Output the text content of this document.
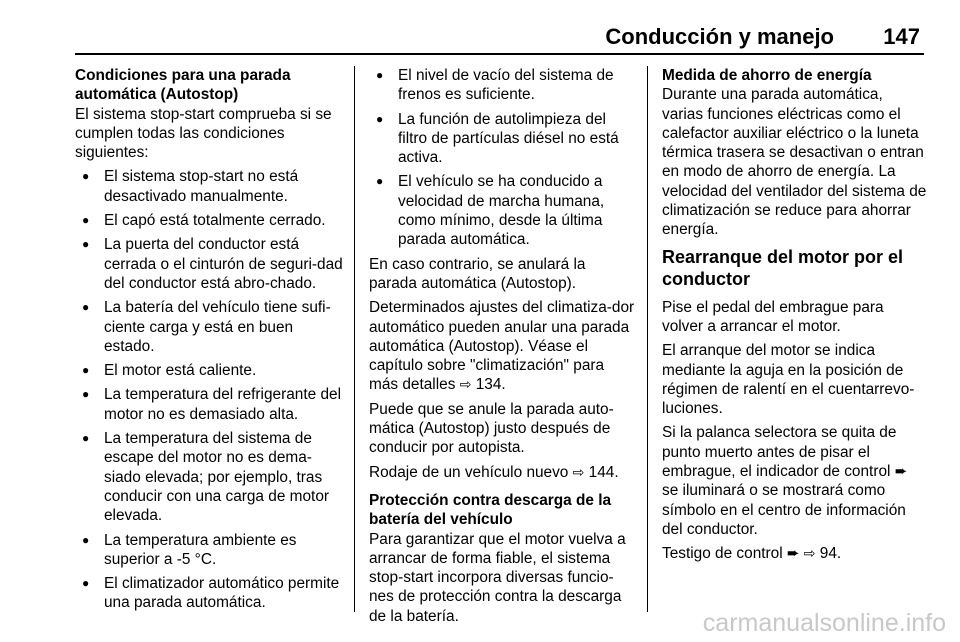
Conducción y manejo 147
Condiciones para una parada automática (Autostop)

El sistema stop-start comprueba si se cumplen todas las condiciones siguientes:

● El sistema stop-start no está desactivado manualmente.
● El capó está totalmente cerrado.
● La puerta del conductor está cerrada o el cinturón de seguri-dad del conductor está abro-chado.
● La batería del vehículo tiene sufi-ciente carga y está en buen estado.
● El motor está caliente.
● La temperatura del refrigerante del motor no es demasiado alta.
● La temperatura del sistema de escape del motor no es dema-siado elevada; por ejemplo, tras conducir con una carga de motor elevada.
● La temperatura ambiente es superior a -5 °C.
● El climatizador automático permite una parada automática.
● El nivel de vacío del sistema de frenos es suficiente.
● La función de autolimpieza del filtro de partículas diésel no está activa.
● El vehículo se ha conducido a velocidad de marcha humana, como mínimo, desde la última parada automática.

En caso contrario, se anulará la parada automática (Autostop).

Determinados ajustes del climatiza-dor automático pueden anular una parada automática (Autostop). Véase el capítulo sobre "climatización" para más detalles ⇨ 134.

Puede que se anule la parada auto-mática (Autostop) justo después de conducir por autopista.

Rodaje de un vehículo nuevo ⇨ 144.

Protección contra descarga de la batería del vehículo

Para garantizar que el motor vuelva a arrancar de forma fiable, el sistema stop-start incorpora diversas funcio-nes de protección contra la descarga de la batería.

Medida de ahorro de energía

Durante una parada automática, varias funciones eléctricas como el calefactor auxiliar eléctrico o la luneta térmica trasera se desactivan o entran en modo de ahorro de energía. La velocidad del ventilador del sistema de climatización se reduce para ahorrar energía.

Rearranque del motor por el conductor

Pise el pedal del embrague para volver a arrancar el motor.

El arranque del motor se indica mediante la aguja en la posición de régimen de ralentí en el cuentarrevo-luciones.

Si la palanca selectora se quita de punto muerto antes de pisar el embrague, el indicador de control ➨ se iluminará o se mostrará como símbolo en el centro de información del conductor.

Testigo de control ➨ ⇨ 94.

carmanualsonline.info
